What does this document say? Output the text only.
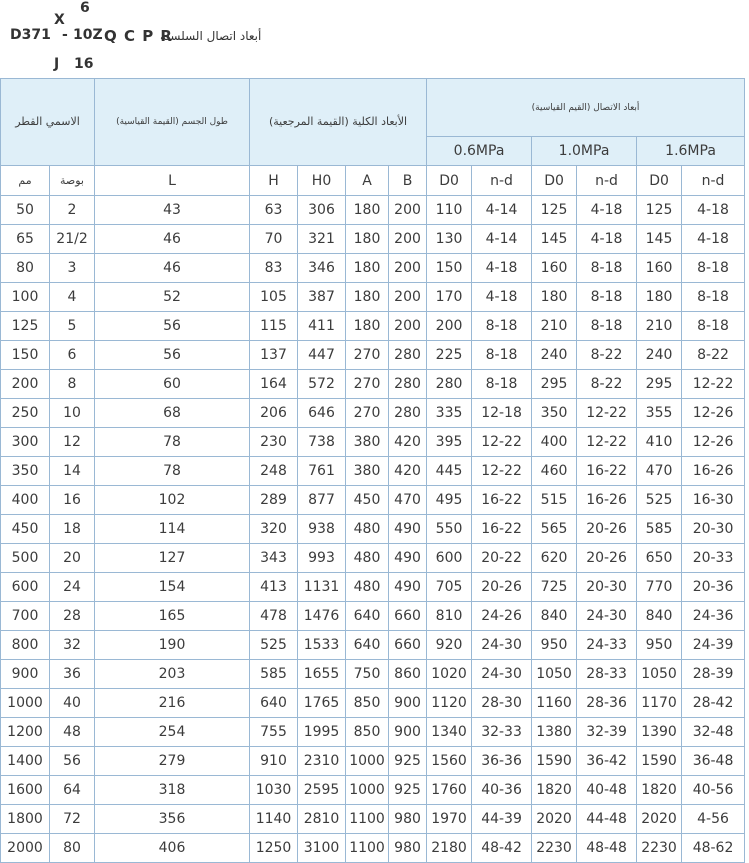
D371
X
6
- 10Z Q C P R
أبعاد اتصال السلسلة
J 16
الاسمي القطر		طول الجسم (القيمة القياسية)	الأبعاد الكلية (القيمة المرجعية)				أبعاد الاتصال (القيم القياسية)					
							0.6MPa		1.0MPa		1.6MPa	
مم	بوصة	L	H	H0	A	B	D0	n-d	D0	n-d	D0	n-d
50	2	43	63	306	180	200	110	4-14	125	4-18	125	4-18
65	21/2	46	70	321	180	200	130	4-14	145	4-18	145	4-18
80	3	46	83	346	180	200	150	4-18	160	8-18	160	8-18
100	4	52	105	387	180	200	170	4-18	180	8-18	180	8-18
125	5	56	115	411	180	200	200	8-18	210	8-18	210	8-18
150	6	56	137	447	270	280	225	8-18	240	8-22	240	8-22
200	8	60	164	572	270	280	280	8-18	295	8-22	295	12-22
250	10	68	206	646	270	280	335	12-18	350	12-22	355	12-26
300	12	78	230	738	380	420	395	12-22	400	12-22	410	12-26
350	14	78	248	761	380	420	445	12-22	460	16-22	470	16-26
400	16	102	289	877	450	470	495	16-22	515	16-26	525	16-30
450	18	114	320	938	480	490	550	16-22	565	20-26	585	20-30
500	20	127	343	993	480	490	600	20-22	620	20-26	650	20-33
600	24	154	413	1131	480	490	705	20-26	725	20-30	770	20-36
700	28	165	478	1476	640	660	810	24-26	840	24-30	840	24-36
800	32	190	525	1533	640	660	920	24-30	950	24-33	950	24-39
900	36	203	585	1655	750	860	1020	24-30	1050	28-33	1050	28-39
1000	40	216	640	1765	850	900	1120	28-30	1160	28-36	1170	28-42
1200	48	254	755	1995	850	900	1340	32-33	1380	32-39	1390	32-48
1400	56	279	910	2310	1000	925	1560	36-36	1590	36-42	1590	36-48
1600	64	318	1030	2595	1000	925	1760	40-36	1820	40-48	1820	40-56
1800	72	356	1140	2810	1100	980	1970	44-39	2020	44-48	2020	4-56
2000	80	406	1250	3100	1100	980	2180	48-42	2230	48-48	2230	48-62
